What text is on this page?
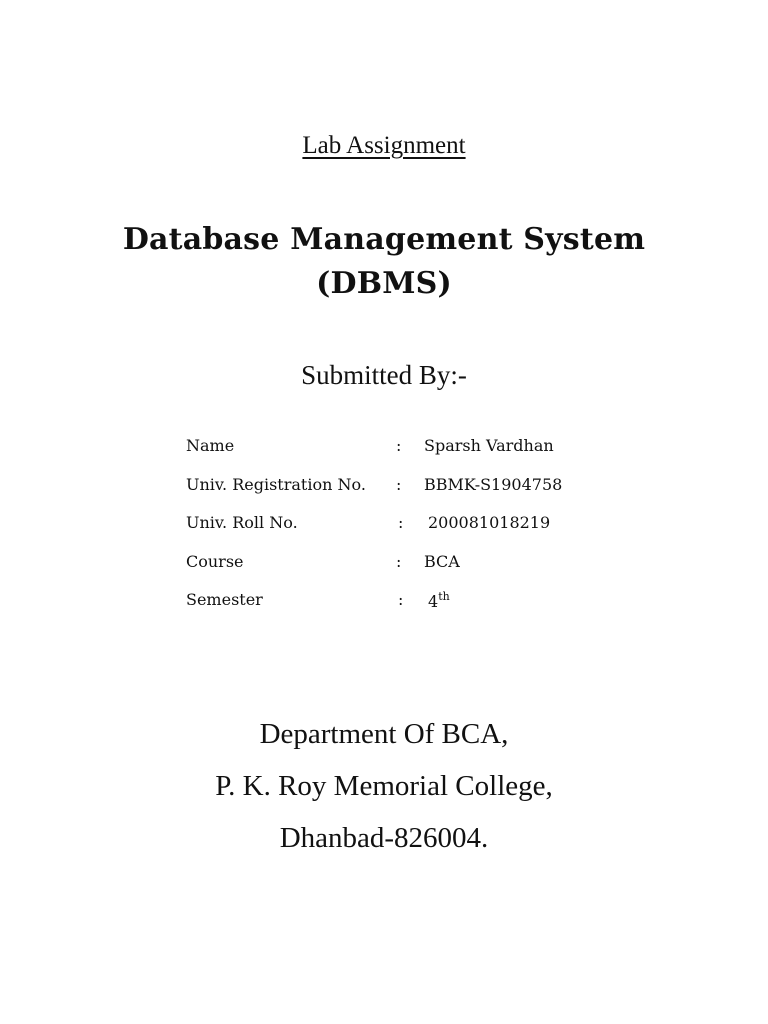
Lab Assignment
Database Management System
(DBMS)
Submitted By:-
Name	: Sparsh Vardhan
Univ. Registration No. : BBMK-S1904758
Univ. Roll No.	: 200081018219
Course	: BCA
Semester	: 4th
Department Of BCA,
P. K. Roy Memorial College,
Dhanbad-826004.
